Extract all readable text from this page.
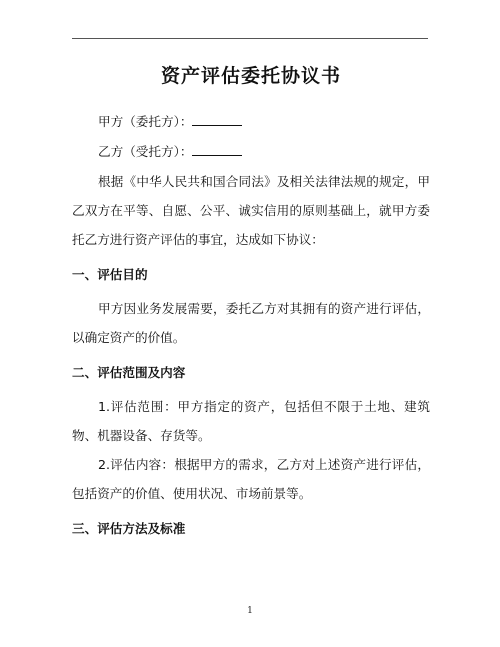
资产评估委托协议书

甲方（委托方）：

乙方（受托方）：

根据《中华人民共和国合同法》及相关法律法规的规定，甲乙双方在平等、自愿、公平、诚实信用的原则基础上，就甲方委托乙方进行资产评估的事宜，达成如下协议：

一、评估目的

甲方因业务发展需要，委托乙方对其拥有的资产进行评估，以确定资产的价值。

二、评估范围及内容

1.评估范围：甲方指定的资产，包括但不限于土地、建筑物、机器设备、存货等。

2.评估内容：根据甲方的需求，乙方对上述资产进行评估，包括资产的价值、使用状况、市场前景等。

三、评估方法及标准
1
